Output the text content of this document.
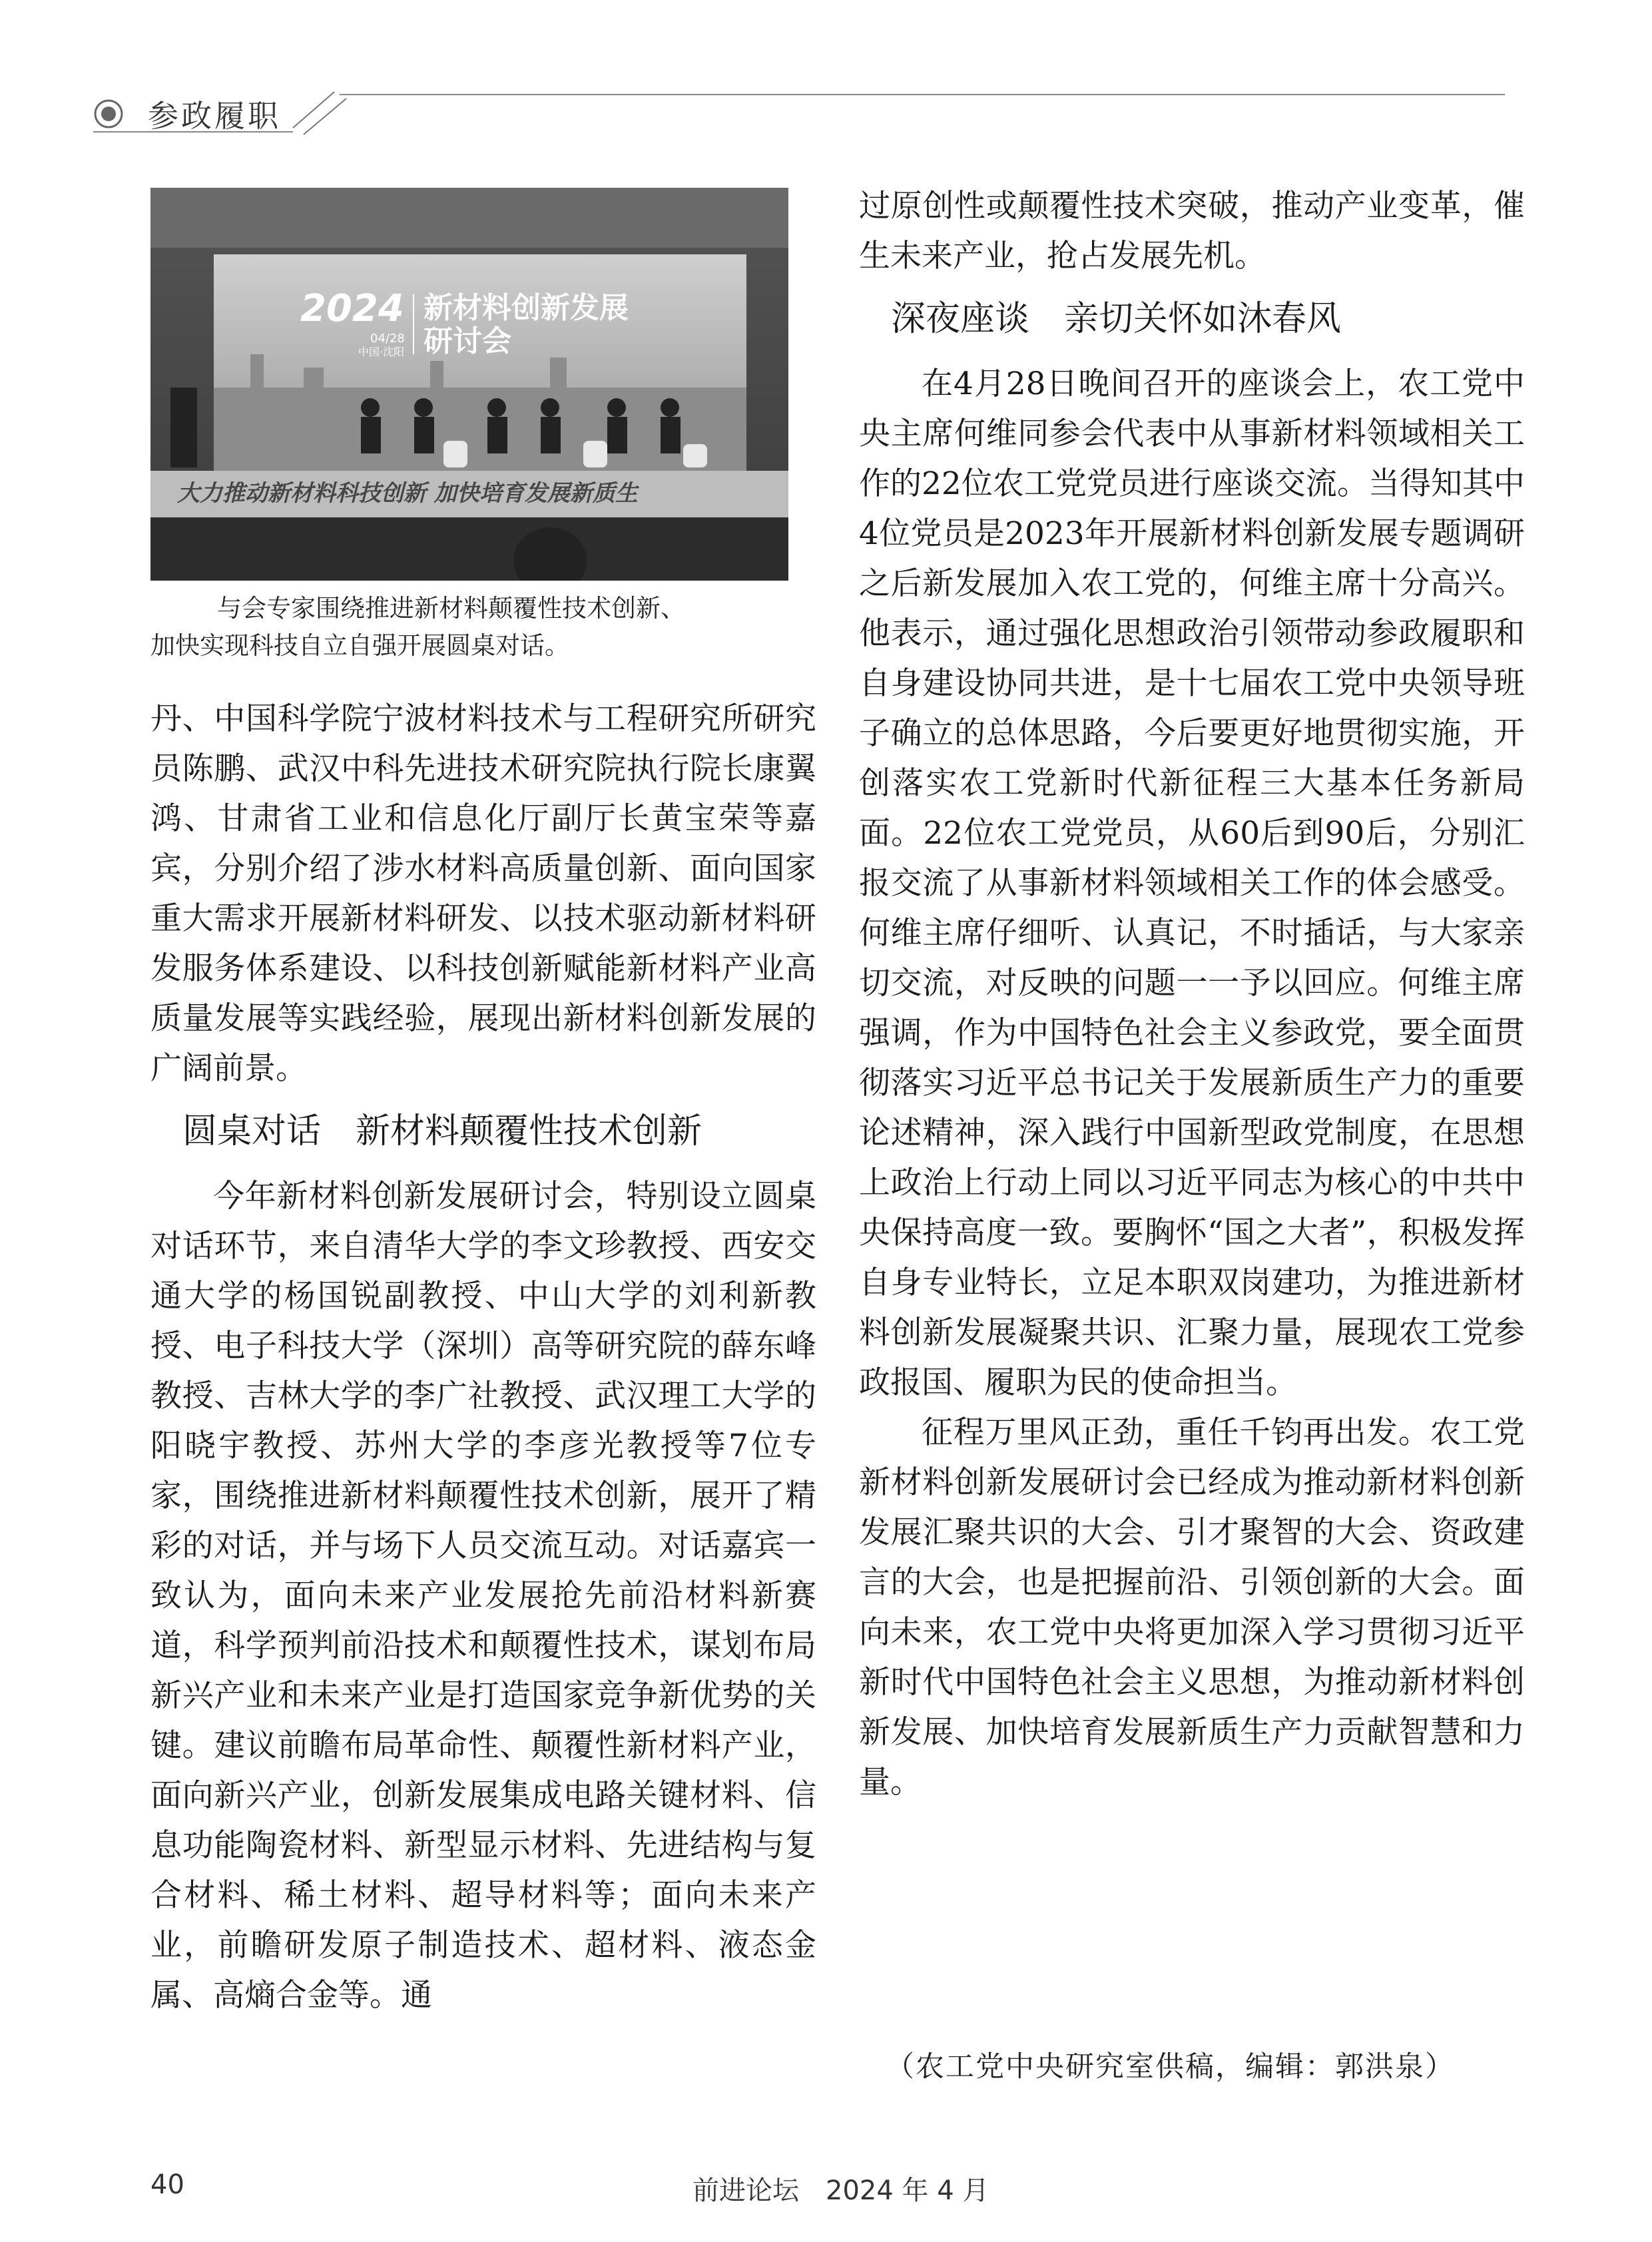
参政履职
2024
04/28
中国·沈阳
新材料创新发展
研讨会
大力推动新材料科技创新 加快培育发展新质生

与会专家围绕推进新材料颠覆性技术创新、

加快实现科技自立自强开展圆桌对话。

丹、中国科学院宁波材料技术与工程研究所研究员陈鹏、武汉中科先进技术研究院执行院长康翼鸿、甘肃省工业和信息化厅副厅长黄宝荣等嘉宾，分别介绍了涉水材料高质量创新、面向国家重大需求开展新材料研发、以技术驱动新材料研发服务体系建设、以科技创新赋能新材料产业高质量发展等实践经验，展现出新材料创新发展的广阔前景。

圆桌对话　新材料颠覆性技术创新

今年新材料创新发展研讨会，特别设立圆桌对话环节，来自清华大学的李文珍教授、西安交通大学的杨国锐副教授、中山大学的刘利新教授、电子科技大学（深圳）高等研究院的薛东峰教授、吉林大学的李广社教授、武汉理工大学的阳晓宇教授、苏州大学的李彦光教授等7位专家，围绕推进新材料颠覆性技术创新，展开了精彩的对话，并与场下人员交流互动。对话嘉宾一致认为，面向未来产业发展抢先前沿材料新赛道，科学预判前沿技术和颠覆性技术，谋划布局新兴产业和未来产业是打造国家竞争新优势的关键。建议前瞻布局革命性、颠覆性新材料产业，面向新兴产业，创新发展集成电路关键材料、信息功能陶瓷材料、新型显示材料、先进结构与复合材料、稀土材料、超导材料等；面向未来产业，前瞻研发原子制造技术、超材料、液态金属、高熵合金等。通

过原创性或颠覆性技术突破，推动产业变革，催生未来产业，抢占发展先机。

深夜座谈　亲切关怀如沐春风

在4月28日晚间召开的座谈会上，农工党中央主席何维同参会代表中从事新材料领域相关工作的22位农工党党员进行座谈交流。当得知其中4位党员是2023年开展新材料创新发展专题调研之后新发展加入农工党的，何维主席十分高兴。他表示，通过强化思想政治引领带动参政履职和自身建设协同共进，是十七届农工党中央领导班子确立的总体思路，今后要更好地贯彻实施，开创落实农工党新时代新征程三大基本任务新局面。22位农工党党员，从60后到90后，分别汇报交流了从事新材料领域相关工作的体会感受。何维主席仔细听、认真记，不时插话，与大家亲切交流，对反映的问题一一予以回应。何维主席强调，作为中国特色社会主义参政党，要全面贯彻落实习近平总书记关于发展新质生产力的重要论述精神，深入践行中国新型政党制度，在思想上政治上行动上同以习近平同志为核心的中共中央保持高度一致。要胸怀“国之大者”，积极发挥自身专业特长，立足本职双岗建功，为推进新材料创新发展凝聚共识、汇聚力量，展现农工党参政报国、履职为民的使命担当。

征程万里风正劲，重任千钧再出发。农工党新材料创新发展研讨会已经成为推动新材料创新发展汇聚共识的大会、引才聚智的大会、资政建言的大会，也是把握前沿、引领创新的大会。面向未来，农工党中央将更加深入学习贯彻习近平新时代中国特色社会主义思想，为推动新材料创新发展、加快培育发展新质生产力贡献智慧和力量。

（农工党中央研究室供稿，编辑：郭洪泉）
40	前进论坛 2024 年 4 月
